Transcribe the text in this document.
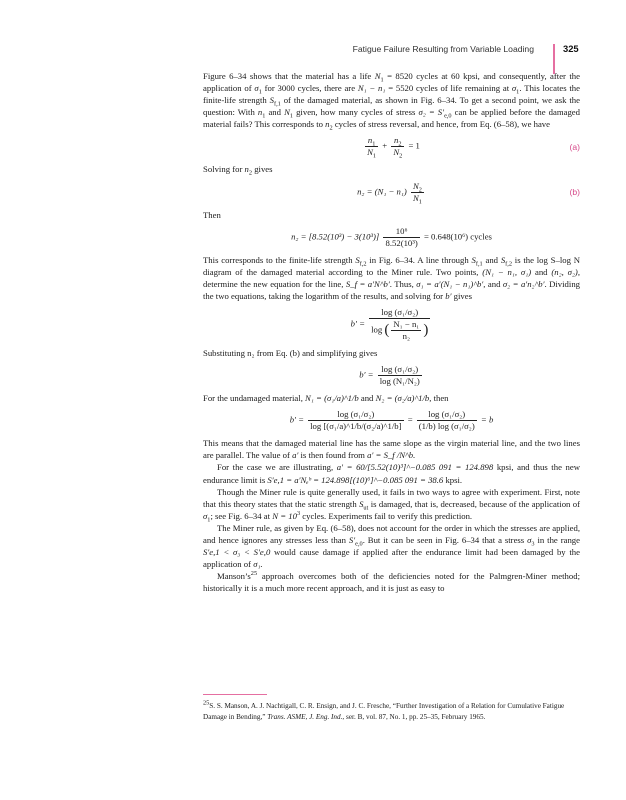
Fatigue Failure Resulting from Variable Loading	325

Figure 6–34 shows that the material has a life $N_1 = 8520$ cycles at 60 kpsi, and consequently, after the application of $\sigma_1$ for 3000 cycles, there are N₁ − n₁ = 5520 cycles of life remaining at $\sigma_1$. This locates the finite-life strength $S_{f,1}$ of the damaged material, as shown in Fig. 6–34. To get a second point, we ask the question: With $n_1$ and $N_1$ given, how many cycles of stress $\sigma_2 = S'_{e,0}$ can be applied before the damaged material fails? This corresponds to $n_2$ cycles of stress reversal, and hence, from Eq. (6–58), we have

$\frac{n_1}{N_1} + \frac{n_2}{N_2} = 1$	(a)

Solving for $n_2$ gives

$n_2 = (N_1 - n_1) \frac{N_2}{N_1}$	(b)

Then

$n_2 = [8.52(10^3) - 3(10^3)] \frac{\text{10⁶}}{\text{8.52(10³)}} = 0.648(10^6)$ cycles

This corresponds to the finite-life strength $S_{f,2}$ in Fig. 6–34. A line through $S_{f,1}$ and $S_{f,2}$ is the log S–log N diagram of the damaged material according to the Miner rule. Two points, (N₁ − n₁, σ₁) and (n₂, σ₂), determine the new equation for the line, S_f = a′N^b′. Thus, σ₁ = a′(N₁ − n₁)^b′, and σ₂ = a′n₂^b′. Dividing the two equations, taking the logarithm of the results, and solving for b′ gives

$b' = \frac{\text{log (σ₁/σ₂)}}{\log ( \frac{\text{N₁ − n₁}}{\text{n₂}} )}$

Substituting n₂ from Eq. (b) and simplifying gives

$b' = \frac{\text{log (σ₁/σ₂)}}{\text{log (N₁/N₂)}}$

For the undamaged material, N₁ = (σ₁/a)^1/b and N₂ = (σ₂/a)^1/b, then

$b' = \frac{\text{log (σ₁/σ₂)}}{\text{log [(σ₁/a)\textasciicircum{}1/b/(σ₂/a)\textasciicircum{}1/b]}} = \frac{\text{log (σ₁/σ₂)}}{\text{(1/b) log (σ₁/σ₂)}} = b$

This means that the damaged material line has the same slope as the virgin material line, and the two lines are parallel. The value of a′ is then found from a′ = S_f /N^b.

For the case we are illustrating, a′ = 60/[5.52(10)³]^−0.085 091 = 124.898 kpsi, and thus the new endurance limit is S′e,1 = a′Nₑᵇ = 124.898[(10)⁶]^−0.085 091 = 38.6 kpsi.

Though the Miner rule is quite generally used, it fails in two ways to agree with experiment. First, note that this theory states that the static strength $S_{ut}$ is damaged, that is, decreased, because of the application of $\sigma_1$; see Fig. 6–34 at $N = 10^3$ cycles. Experiments fail to verify this prediction.

The Miner rule, as given by Eq. (6–58), does not account for the order in which the stresses are applied, and hence ignores any stresses less than $S'_{e,0}$. But it can be seen in Fig. 6–34 that a stress $\sigma_3$ in the range S′e,1 < σ₃ < S′e,0 would cause damage if applied after the endurance limit had been damaged by the application of σ₁.

$Manson’s^{25}$ approach overcomes both of the deficiencies noted for the Palmgren-Miner method; historically it is a much more recent approach, and it is just as easy to

$^{25}$S. S. Manson, A. J. Nachtigall, C. R. Ensign, and J. C. Fresche, “Further Investigation of a Relation for Cumulative Fatigue Damage in Bending,” Trans. ASME, J. Eng. Ind., ser. B, vol. 87, No. 1, pp. 25–35, February 1965.
